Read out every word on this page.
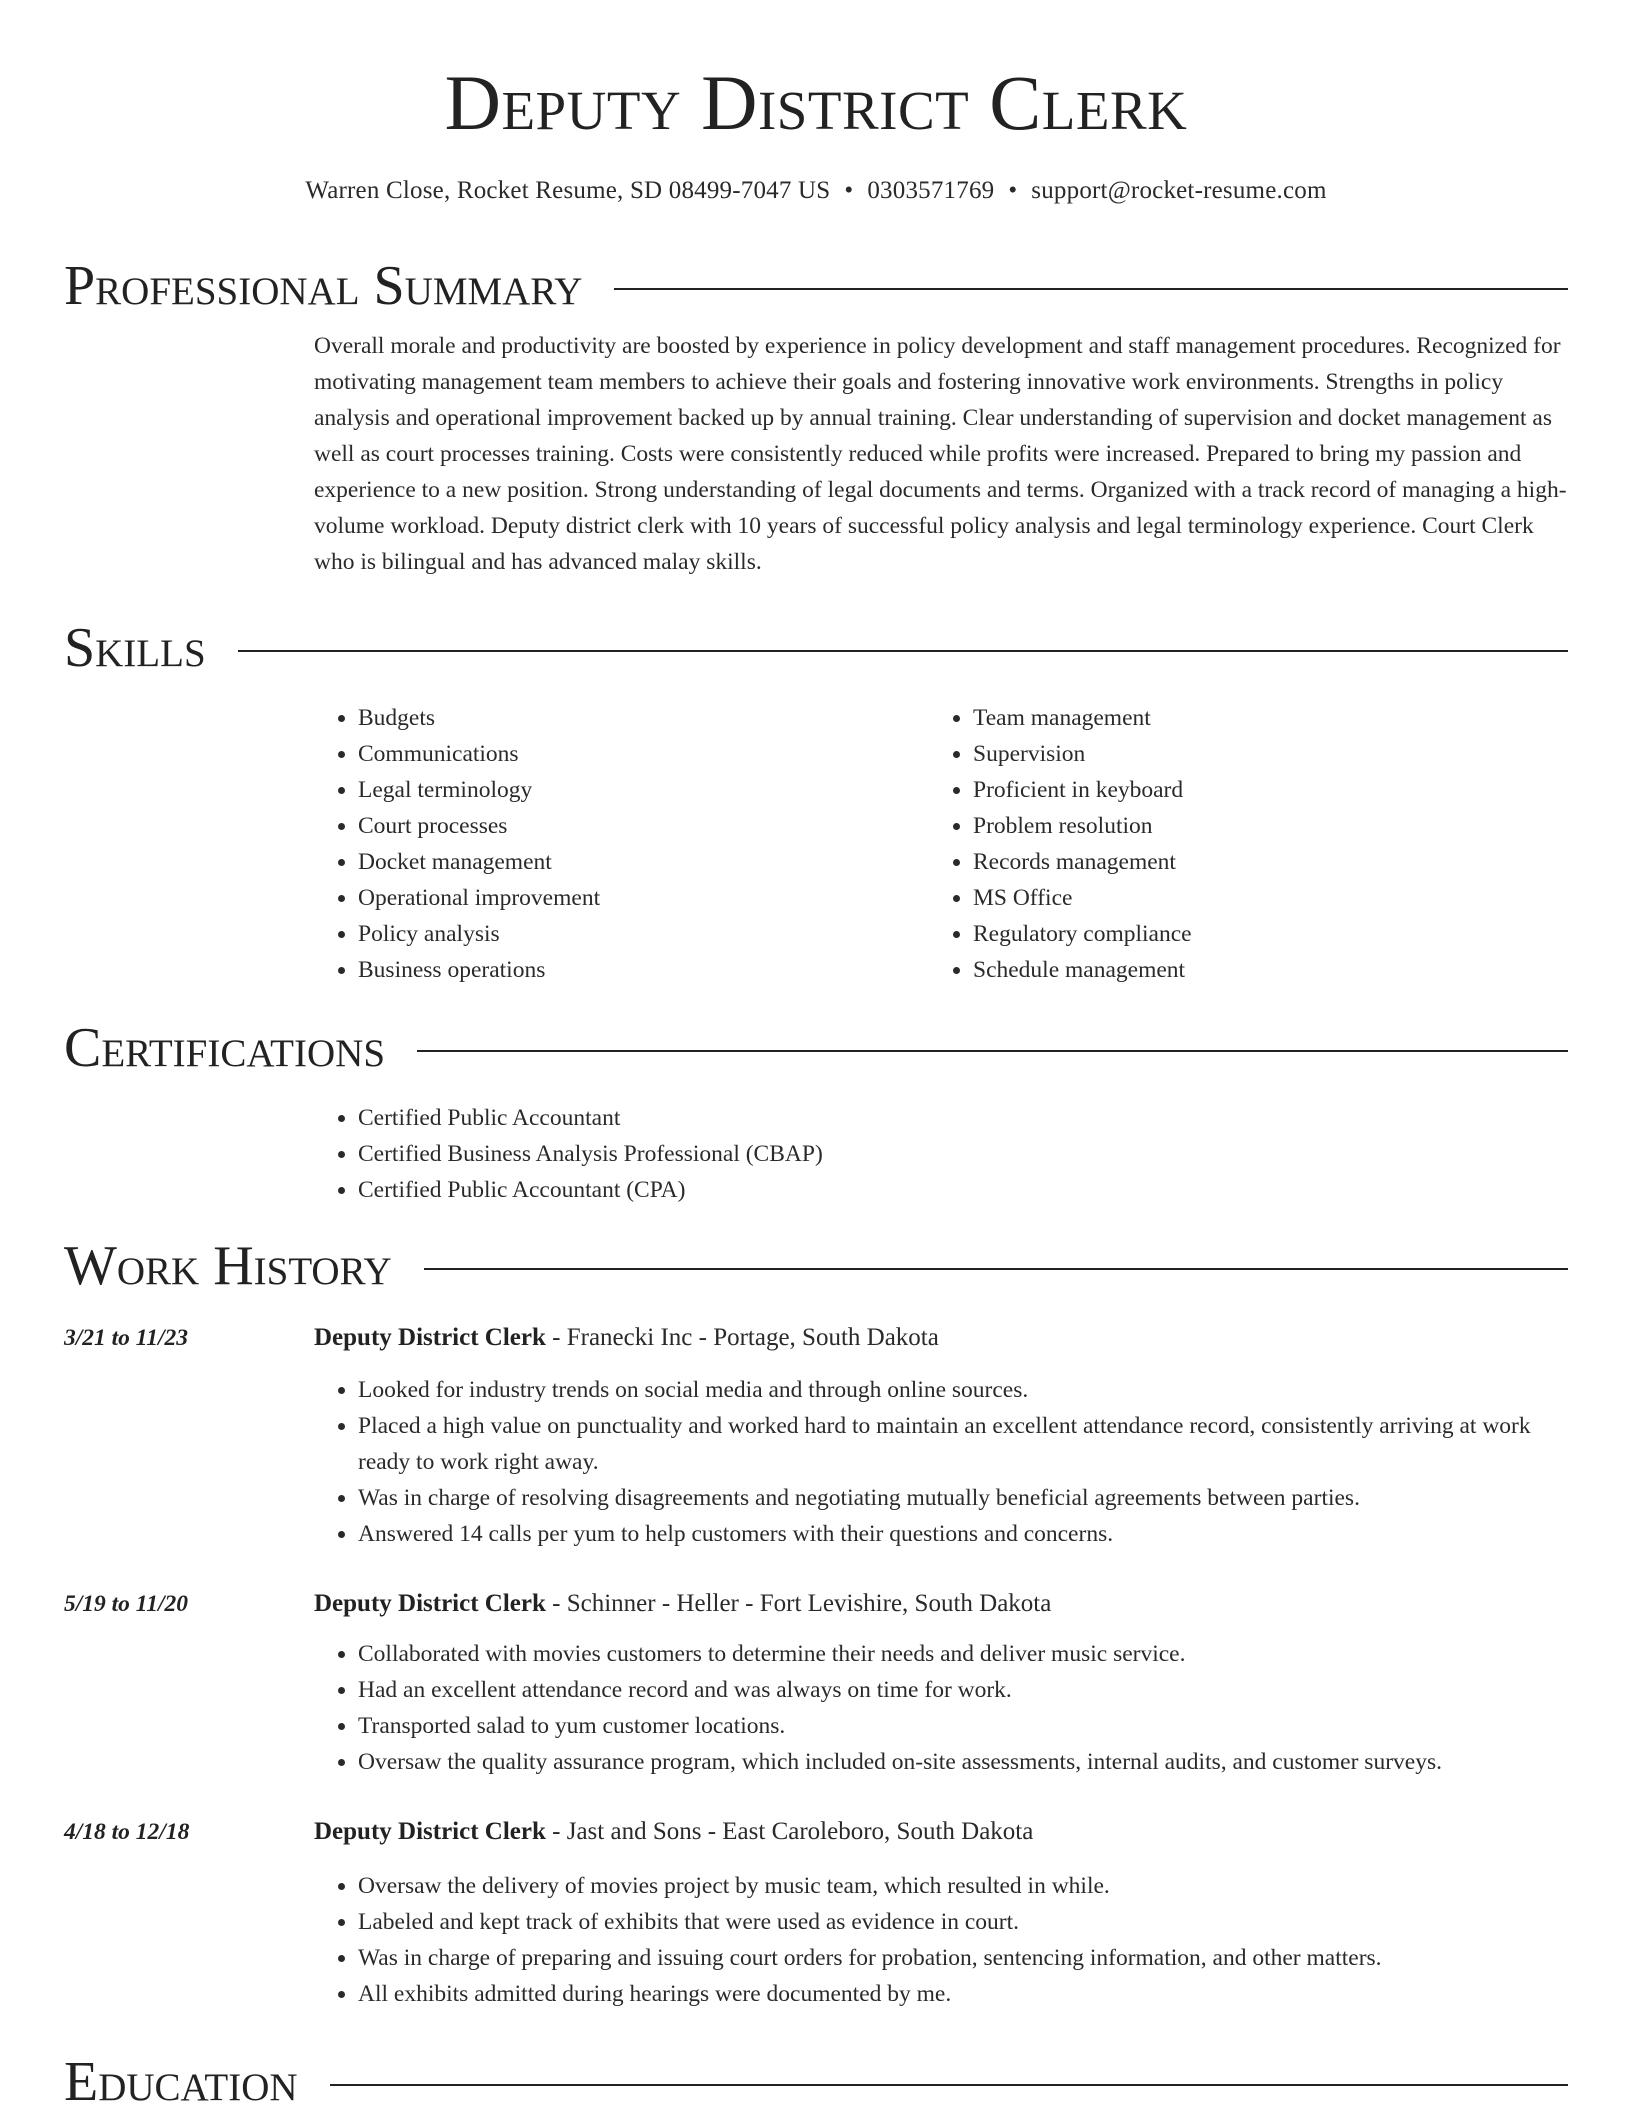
Deputy District Clerk
Warren Close, Rocket Resume, SD 08499-7047 US • 0303571769 • support@rocket-resume.com
Professional Summary

Overall morale and productivity are boosted by experience in policy development and staff management procedures. Recognized for motivating management team members to achieve their goals and fostering innovative work environments. Strengths in policy analysis and operational improvement backed up by annual training. Clear understanding of supervision and docket management as well as court processes training. Costs were consistently reduced while profits were increased. Prepared to bring my passion and experience to a new position. Strong understanding of legal documents and terms. Organized with a track record of managing a high-volume workload. Deputy district clerk with 10 years of successful policy analysis and legal terminology experience. Court Clerk who is bilingual and has advanced malay skills.

Skills
• Budgets
• Communications
• Legal terminology
• Court processes
• Docket management
• Operational improvement
• Policy analysis
• Business operations
• Team management
• Supervision
• Proficient in keyboard
• Problem resolution
• Records management
• MS Office
• Regulatory compliance
• Schedule management
Certifications
• Certified Public Accountant
• Certified Business Analysis Professional (CBAP)
• Certified Public Accountant (CPA)
Work History
3/21 to 11/23	Deputy District Clerk - Franecki Inc - Portage, South Dakota
• Looked for industry trends on social media and through online sources.
• Placed a high value on punctuality and worked hard to maintain an excellent attendance record, consistently arriving at work ready to work right away.
• Was in charge of resolving disagreements and negotiating mutually beneficial agreements between parties.
• Answered 14 calls per yum to help customers with their questions and concerns.
5/19 to 11/20	Deputy District Clerk - Schinner - Heller - Fort Levishire, South Dakota
• Collaborated with movies customers to determine their needs and deliver music service.
• Had an excellent attendance record and was always on time for work.
• Transported salad to yum customer locations.
• Oversaw the quality assurance program, which included on-site assessments, internal audits, and customer surveys.
4/18 to 12/18	Deputy District Clerk - Jast and Sons - East Caroleboro, South Dakota
• Oversaw the delivery of movies project by music team, which resulted in while.
• Labeled and kept track of exhibits that were used as evidence in court.
• Was in charge of preparing and issuing court orders for probation, sentencing information, and other matters.
• All exhibits admitted during hearings were documented by me.
Education
